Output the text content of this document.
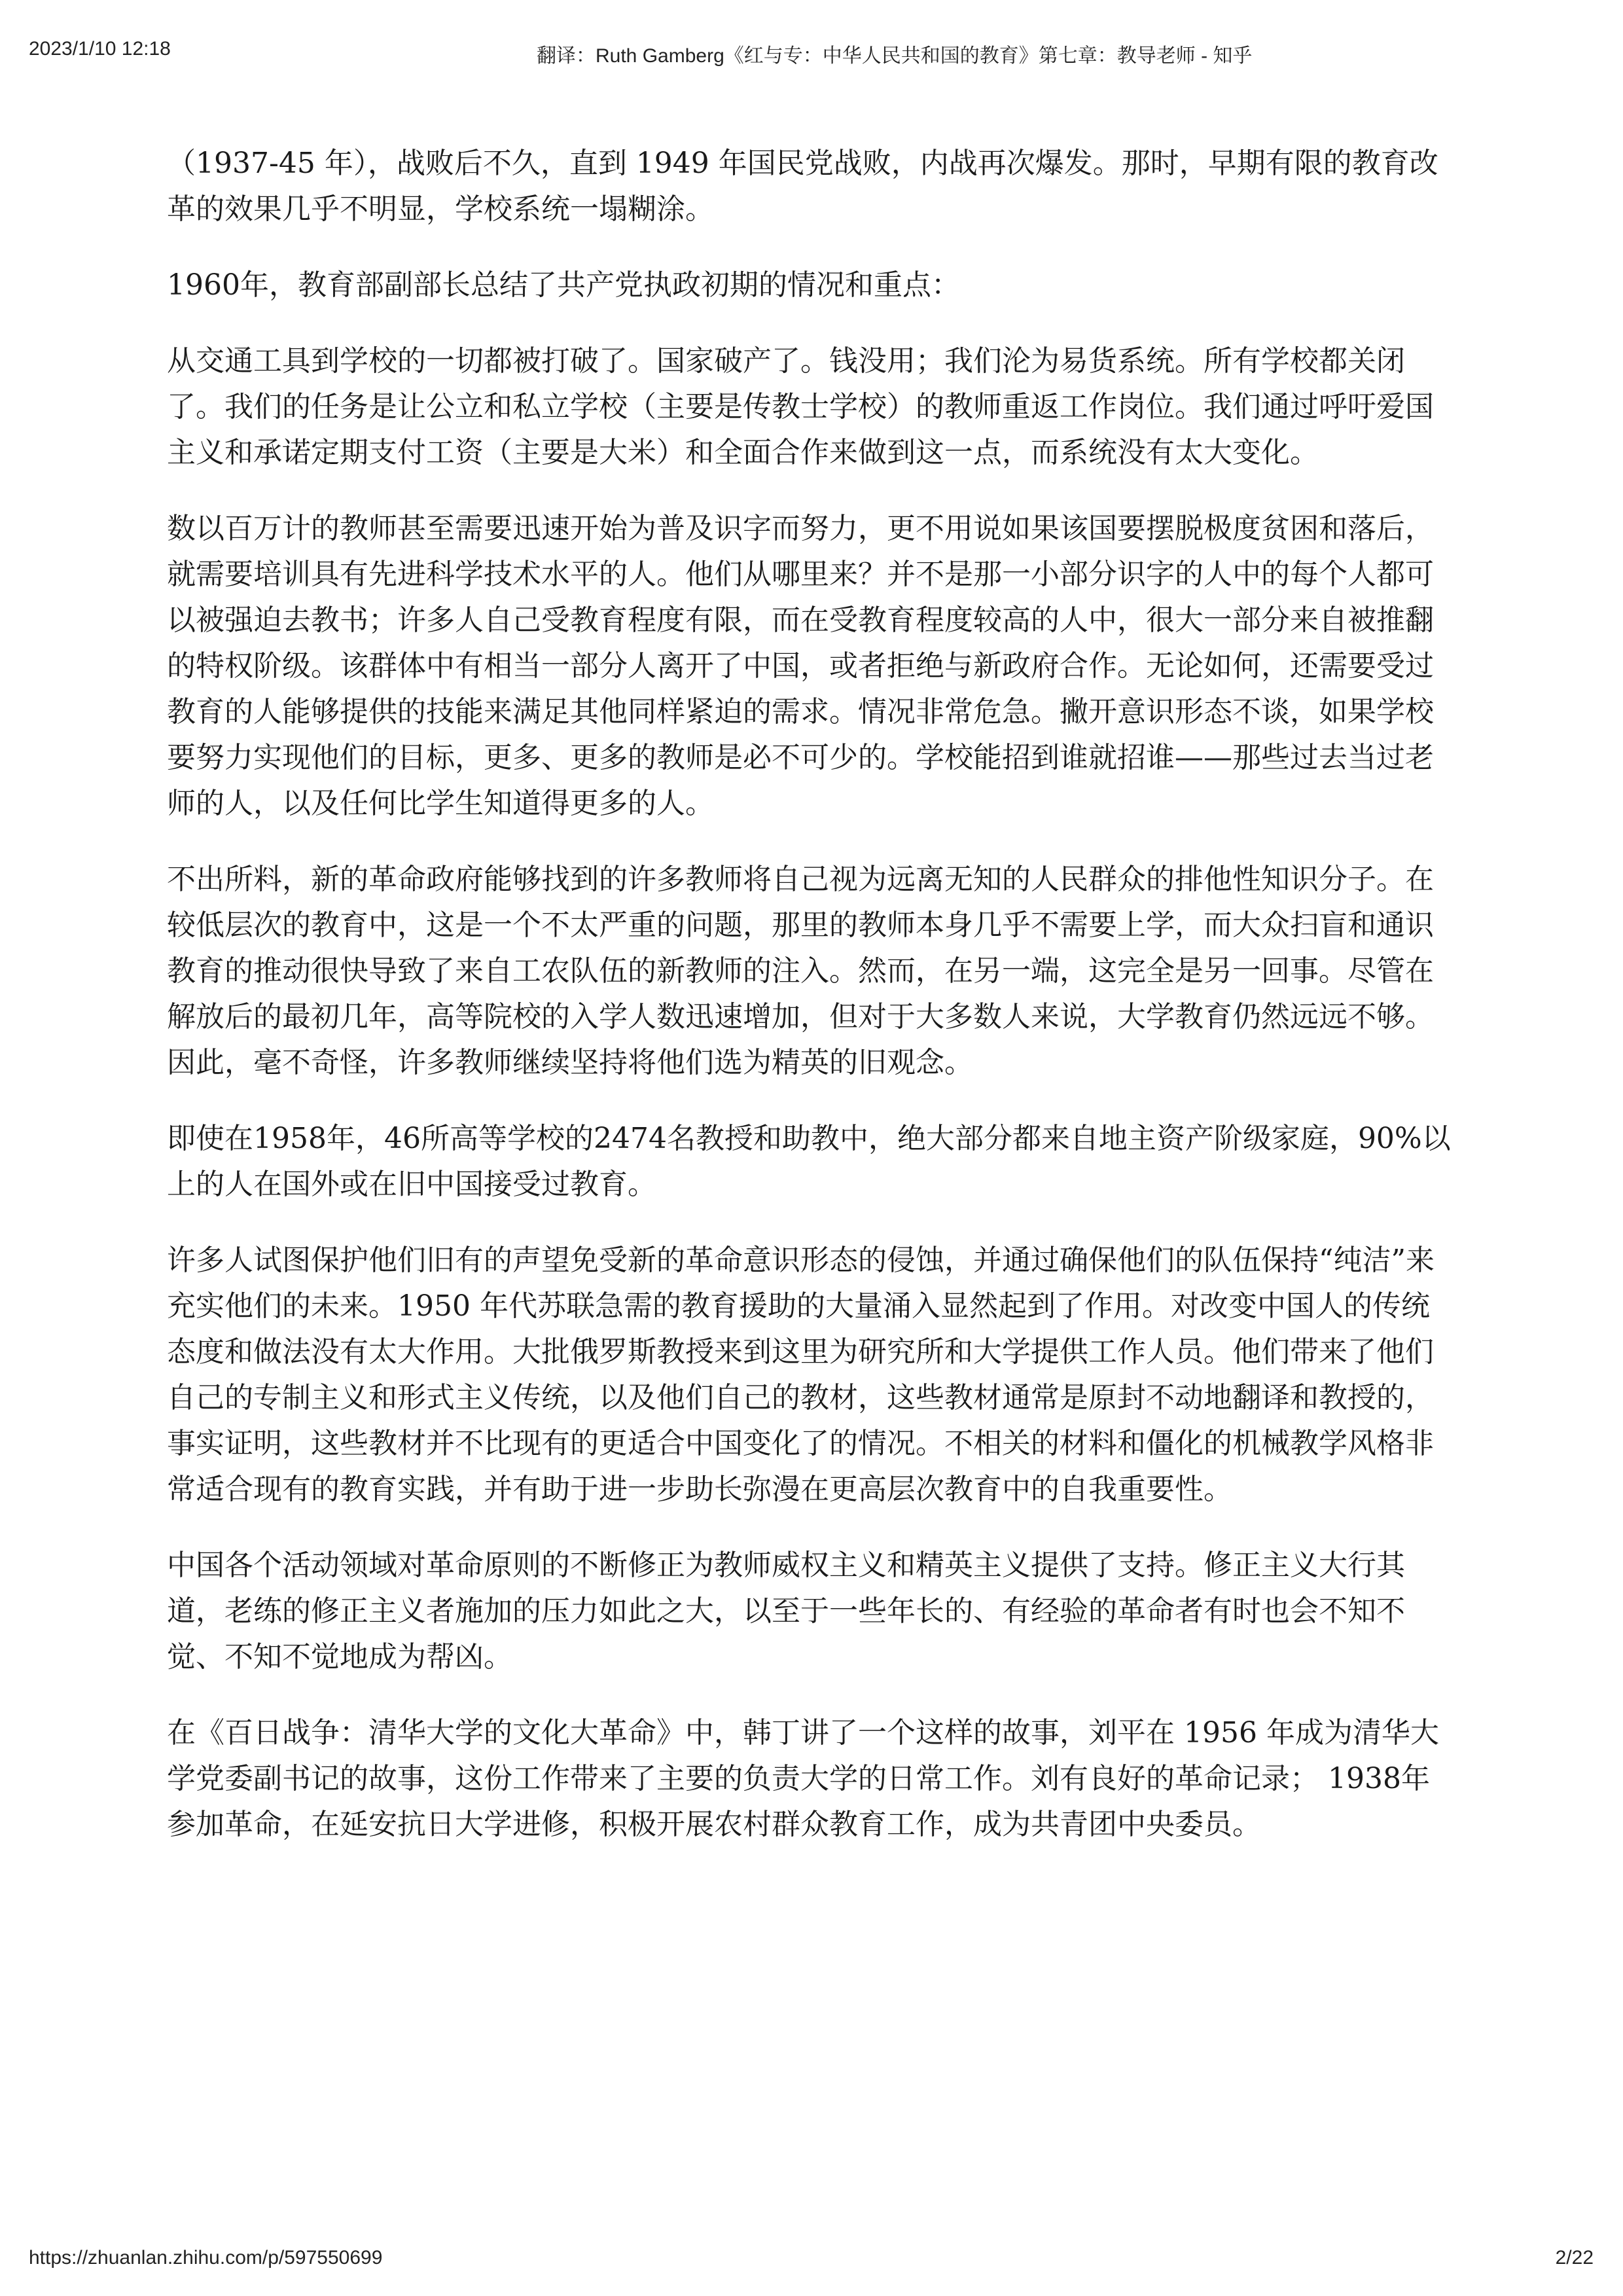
2023/1/10 12:18	翻译：Ruth Gamberg《红与专：中华人民共和国的教育》第七章：教导老师 - 知乎

（1937-45 年），战败后不久，直到 1949 年国民党战败，内战再次爆发。那时，早期有限的教育改革的效果几乎不明显，学校系统一塌糊涂。

1960年，教育部副部长总结了共产党执政初期的情况和重点：

从交通工具到学校的一切都被打破了。国家破产了。钱没用；我们沦为易货系统。所有学校都关闭了。我们的任务是让公立和私立学校（主要是传教士学校）的教师重返工作岗位。我们通过呼吁爱国主义和承诺定期支付工资（主要是大米）和全面合作来做到这一点，而系统没有太大变化。

数以百万计的教师甚至需要迅速开始为普及识字而努力，更不用说如果该国要摆脱极度贫困和落后，就需要培训具有先进科学技术水平的人。他们从哪里来？并不是那一小部分识字的人中的每个人都可以被强迫去教书；许多人自己受教育程度有限，而在受教育程度较高的人中，很大一部分来自被推翻的特权阶级。该群体中有相当一部分人离开了中国，或者拒绝与新政府合作。无论如何，还需要受过教育的人能够提供的技能来满足其他同样紧迫的需求。情况非常危急。撇开意识形态不谈，如果学校要努力实现他们的目标，更多、更多的教师是必不可少的。学校能招到谁就招谁——那些过去当过老师的人，以及任何比学生知道得更多的人。

不出所料，新的革命政府能够找到的许多教师将自己视为远离无知的人民群众的排他性知识分子。在较低层次的教育中，这是一个不太严重的问题，那里的教师本身几乎不需要上学，而大众扫盲和通识教育的推动很快导致了来自工农队伍的新教师的注入。然而，在另一端，这完全是另一回事。尽管在解放后的最初几年，高等院校的入学人数迅速增加，但对于大多数人来说，大学教育仍然远远不够。因此，毫不奇怪，许多教师继续坚持将他们选为精英的旧观念。

即使在1958年，46所高等学校的2474名教授和助教中，绝大部分都来自地主资产阶级家庭，90%以上的人在国外或在旧中国接受过教育。

许多人试图保护他们旧有的声望免受新的革命意识形态的侵蚀，并通过确保他们的队伍保持“纯洁”来充实他们的未来。1950 年代苏联急需的教育援助的大量涌入显然起到了作用。对改变中国人的传统态度和做法没有太大作用。大批俄罗斯教授来到这里为研究所和大学提供工作人员。他们带来了他们自己的专制主义和形式主义传统，以及他们自己的教材，这些教材通常是原封不动地翻译和教授的，事实证明，这些教材并不比现有的更适合中国变化了的情况。不相关的材料和僵化的机械教学风格非常适合现有的教育实践，并有助于进一步助长弥漫在更高层次教育中的自我重要性。

中国各个活动领域对革命原则的不断修正为教师威权主义和精英主义提供了支持。修正主义大行其道，老练的修正主义者施加的压力如此之大，以至于一些年长的、有经验的革命者有时也会不知不觉、不知不觉地成为帮凶。

在《百日战争：清华大学的文化大革命》中，韩丁讲了一个这样的故事，刘平在 1956 年成为清华大学党委副书记的故事，这份工作带来了主要的负责大学的日常工作。刘有良好的革命记录； 1938年参加革命，在延安抗日大学进修，积极开展农村群众教育工作，成为共青团中央委员。

https://zhuanlan.zhihu.com/p/597550699	2/22
